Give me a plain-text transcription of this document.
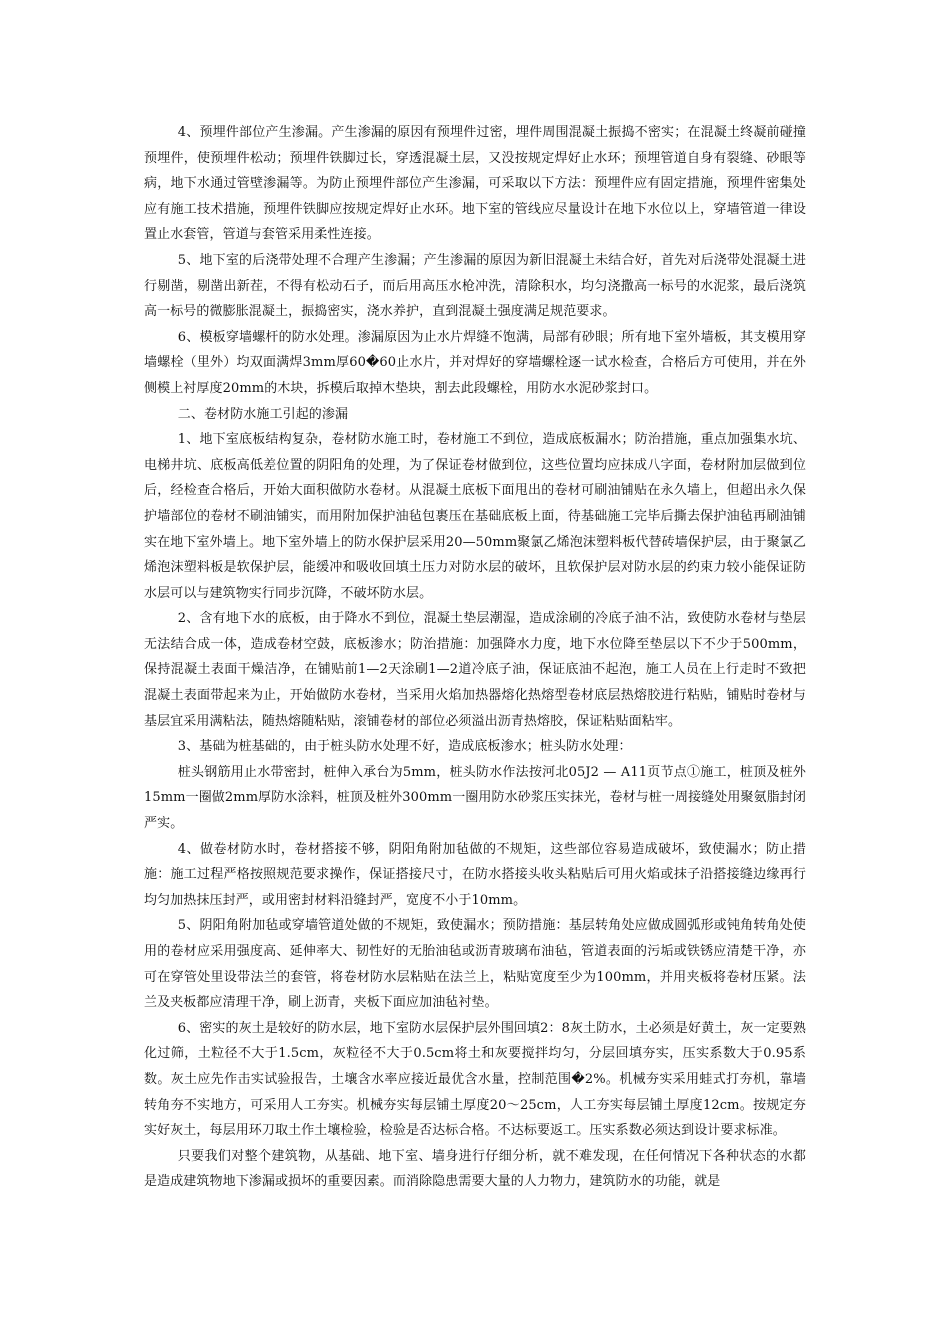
4、预埋件部位产生渗漏。产生渗漏的原因有预埋件过密，埋件周围混凝土振捣不密实；在混凝土终凝前碰撞预埋件，使预埋件松动；预埋件铁脚过长，穿透混凝土层，又没按规定焊好止水环；预埋管道自身有裂缝、砂眼等病，地下水通过管壁渗漏等。为防止预埋件部位产生渗漏，可采取以下方法：预埋件应有固定措施，预埋件密集处应有施工技术措施，预埋件铁脚应按规定焊好止水环。地下室的管线应尽量设计在地下水位以上，穿墙管道一律设置止水套管，管道与套管采用柔性连接。

5、地下室的后浇带处理不合理产生渗漏；产生渗漏的原因为新旧混凝土未结合好，首先对后浇带处混凝土进行剔凿，剔凿出新茬，不得有松动石子，而后用高压水枪冲洗，清除积水，均匀浇撒高一标号的水泥浆，最后浇筑高一标号的微膨胀混凝土，振捣密实，浇水养护，直到混凝土强度满足规范要求。

6、模板穿墙螺杆的防水处理。渗漏原因为止水片焊缝不饱满，局部有砂眼；所有地下室外墙板，其支模用穿墙螺栓（里外）均双面满焊3mm厚60�60止水片，并对焊好的穿墙螺栓逐一试水检查，合格后方可使用，并在外侧模上衬厚度20mm的木块，拆模后取掉木垫块，割去此段螺栓，用防水水泥砂浆封口。

二、卷材防水施工引起的渗漏

1、地下室底板结构复杂，卷材防水施工时，卷材施工不到位，造成底板漏水；防治措施，重点加强集水坑、电梯井坑、底板高低差位置的阴阳角的处理，为了保证卷材做到位，这些位置均应抹成八字面，卷材附加层做到位后，经检查合格后，开始大面积做防水卷材。从混凝土底板下面甩出的卷材可刷油铺贴在永久墙上，但超出永久保护墙部位的卷材不刷油铺实，而用附加保护油毡包裹压在基础底板上面，待基础施工完毕后撕去保护油毡再刷油铺实在地下室外墙上。地下室外墙上的防水保护层采用20—50mm聚氯乙烯泡沫塑料板代替砖墙保护层，由于聚氯乙烯泡沫塑料板是软保护层，能缓冲和吸收回填土压力对防水层的破坏，且软保护层对防水层的约束力较小能保证防水层可以与建筑物实行同步沉降，不破坏防水层。

2、含有地下水的底板，由于降水不到位，混凝土垫层潮湿，造成涂刷的冷底子油不沾，致使防水卷材与垫层无法结合成一体，造成卷材空鼓，底板渗水；防治措施：加强降水力度，地下水位降至垫层以下不少于500mm，保持混凝土表面干燥洁净，在铺贴前1—2天涂刷1—2道冷底子油，保证底油不起泡，施工人员在上行走时不致把混凝土表面带起来为止，开始做防水卷材，当采用火焰加热器熔化热熔型卷材底层热熔胶进行粘贴，铺贴时卷材与基层宜采用满粘法，随热熔随粘贴，滚铺卷材的部位必须溢出沥青热熔胶，保证粘贴面粘牢。

3、基础为桩基础的，由于桩头防水处理不好，造成底板渗水；桩头防水处理：

桩头钢筋用止水带密封，桩伸入承台为5mm，桩头防水作法按河北05J2 — A11页节点①施工，桩顶及桩外15mm一圈做2mm厚防水涂料，桩顶及桩外300mm一圈用防水砂浆压实抹光，卷材与桩一周接缝处用聚氨脂封闭严实。

4、做卷材防水时，卷材搭接不够，阴阳角附加毡做的不规矩，这些部位容易造成破坏，致使漏水；防止措施：施工过程严格按照规范要求操作，保证搭接尺寸，在防水搭接头收头粘贴后可用火焰或抹子沿搭接缝边缘再行均匀加热抹压封严，或用密封材料沿缝封严，宽度不小于10mm。

5、阴阳角附加毡或穿墙管道处做的不规矩，致使漏水；预防措施：基层转角处应做成圆弧形或钝角转角处使用的卷材应采用强度高、延伸率大、韧性好的无胎油毡或沥青玻璃布油毡，管道表面的污垢或铁锈应清楚干净，亦可在穿管处里设带法兰的套管，将卷材防水层粘贴在法兰上，粘贴宽度至少为100mm，并用夹板将卷材压紧。法兰及夹板都应清理干净，刷上沥青，夹板下面应加油毡衬垫。

6、密实的灰土是较好的防水层，地下室防水层保护层外围回填2：8灰土防水，土必须是好黄土，灰一定要熟化过筛，土粒径不大于1.5cm，灰粒径不大于0.5cm将土和灰要搅拌均匀，分层回填夯实，压实系数大于0.95系数。灰土应先作击实试验报告，土壤含水率应接近最优含水量，控制范围�2%。机械夯实采用蛙式打夯机，靠墙转角夯不实地方，可采用人工夯实。机械夯实每层铺土厚度20～25cm，人工夯实每层铺土厚度12cm。按规定夯实好灰土，每层用环刀取土作土壤检验，检验是否达标合格。不达标要返工。压实系数必须达到设计要求标准。

只要我们对整个建筑物，从基础、地下室、墙身进行仔细分析，就不难发现，在任何情况下各种状态的水都是造成建筑物地下渗漏或损坏的重要因素。而消除隐患需要大量的人力物力，建筑防水的功能，就是
